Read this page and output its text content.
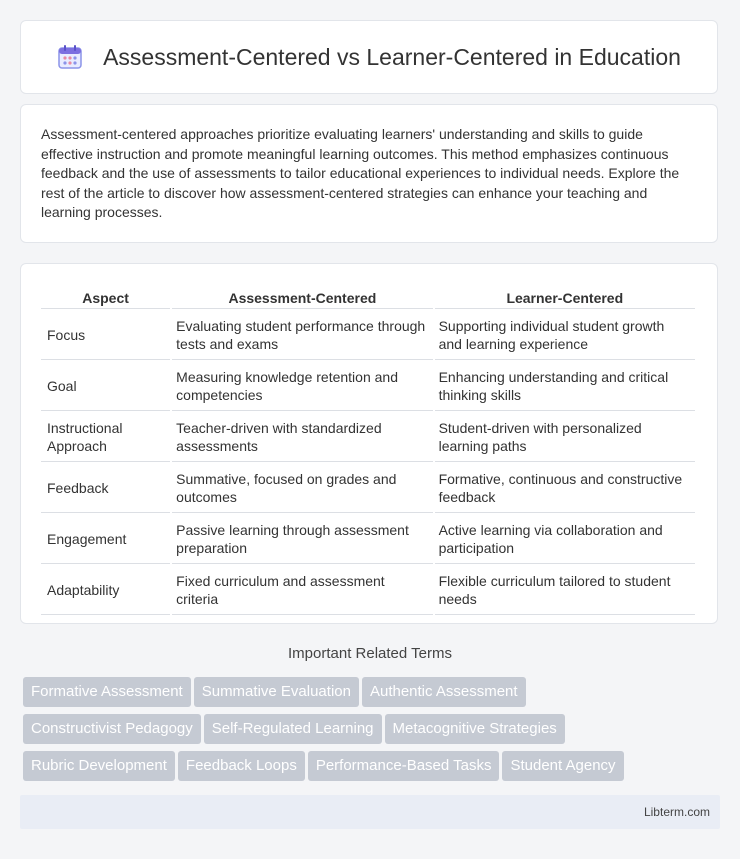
Assessment-Centered vs Learner-Centered in Education

Assessment-centered approaches prioritize evaluating learners' understanding and skills to guide effective instruction and promote meaningful learning outcomes. This method emphasizes continuous feedback and the use of assessments to tailor educational experiences to individual needs. Explore the rest of the article to discover how assessment-centered strategies can enhance your teaching and learning processes.

Aspect	Assessment-Centered	Learner-Centered
Focus	Evaluating student performance through tests and exams	Supporting individual student growth and learning experience
Goal	Measuring knowledge retention and competencies	Enhancing understanding and critical thinking skills
Instructional Approach	Teacher-driven with standardized assessments	Student-driven with personalized learning paths
Feedback	Summative, focused on grades and outcomes	Formative, continuous and constructive feedback
Engagement	Passive learning through assessment preparation	Active learning via collaboration and participation
Adaptability	Fixed curriculum and assessment criteria	Flexible curriculum tailored to student needs
Important Related Terms
Formative Assessment Summative Evaluation Authentic Assessment
Constructivist Pedagogy Self-Regulated Learning Metacognitive Strategies
Rubric Development Feedback Loops Performance-Based Tasks Student Agency
Libterm.com
